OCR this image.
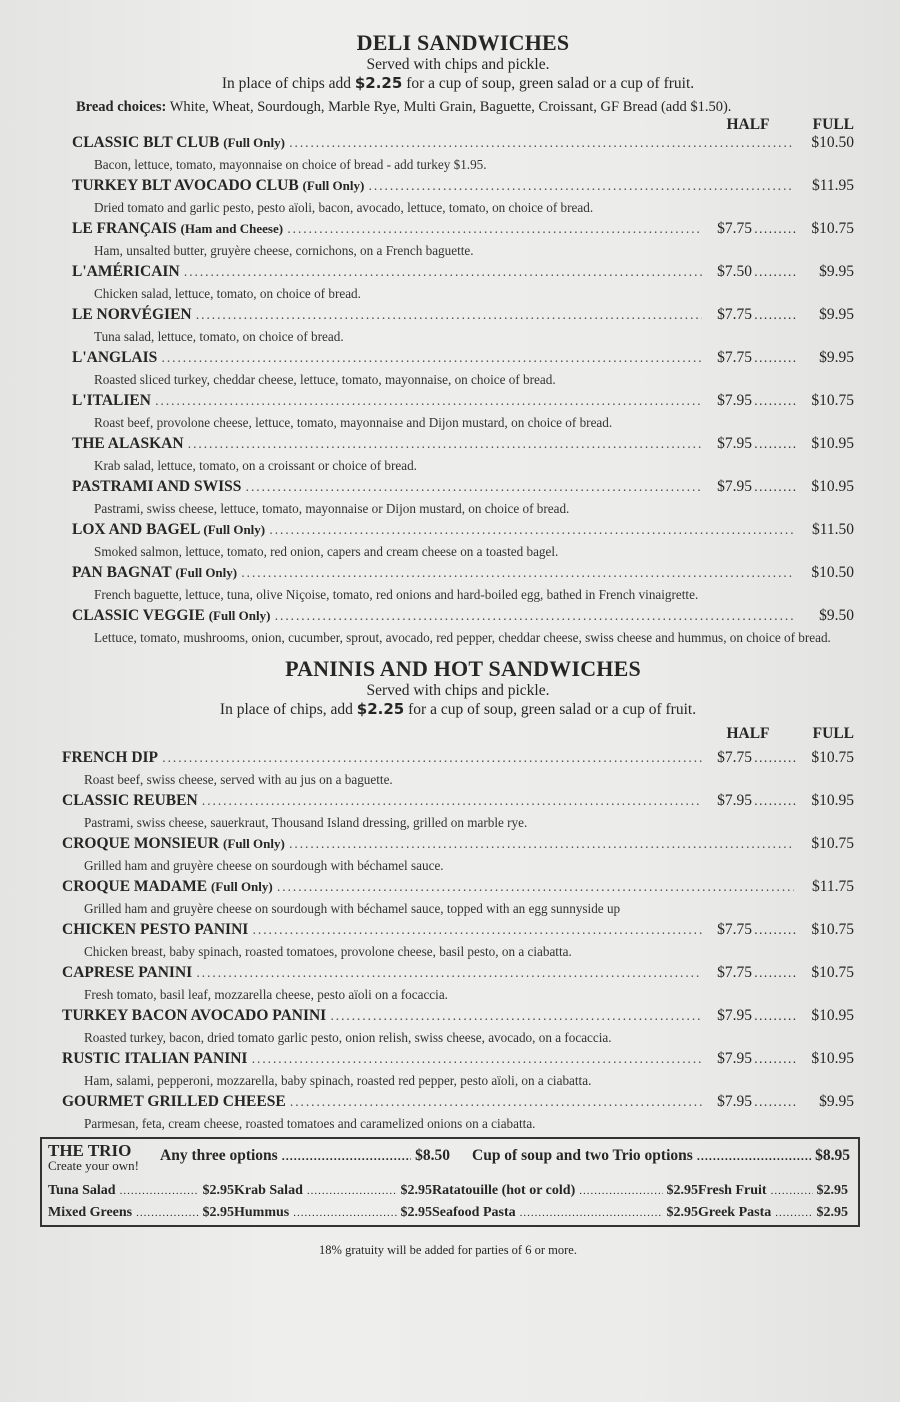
DELI SANDWICHES
Served with chips and pickle.
In place of chips add $2.25 for a cup of soup, green salad or a cup of fruit.
Bread choices: White, Wheat, Sourdough, Marble Rye, Multi Grain, Baguette, Croissant, GF Bread (add $1.50).
HALF	FULL
CLASSIC BLT CLUB (Full Only) .....	$10.50
Bacon, lettuce, tomato, mayonnaise on choice of bread - add turkey $1.95.
TURKEY BLT AVOCADO CLUB (Full Only) .....	$11.95
Dried tomato and garlic pesto, pesto aïoli, bacon, avocado, lettuce, tomato, on choice of bread.
LE FRANÇAIS (Ham and Cheese) .....	$7.75 .....	$10.75
Ham, unsalted butter, gruyère cheese, cornichons, on a French baguette.
L'AMÉRICAIN .....	$7.50 .....	$9.95
Chicken salad, lettuce, tomato, on choice of bread.
LE NORVÉGIEN .....	$7.75 .....	$9.95
Tuna salad, lettuce, tomato, on choice of bread.
L'ANGLAIS .....	$7.75 .....	$9.95
Roasted sliced turkey, cheddar cheese, lettuce, tomato, mayonnaise, on choice of bread.
L'ITALIEN .....	$7.95 .....	$10.75
Roast beef, provolone cheese, lettuce, tomato, mayonnaise and Dijon mustard, on choice of bread.
THE ALASKAN .....	$7.95 .....	$10.95
Krab salad, lettuce, tomato, on a croissant or choice of bread.
PASTRAMI AND SWISS .....	$7.95 .....	$10.95
Pastrami, swiss cheese, lettuce, tomato, mayonnaise or Dijon mustard, on choice of bread.
LOX AND BAGEL (Full Only) .....	$11.50
Smoked salmon, lettuce, tomato, red onion, capers and cream cheese on a toasted bagel.
PAN BAGNAT (Full Only) .....	$10.50
French baguette, lettuce, tuna, olive Niçoise, tomato, red onions and hard-boiled egg, bathed in French vinaigrette.
CLASSIC VEGGIE (Full Only) .....	$9.50
Lettuce, tomato, mushrooms, onion, cucumber, sprout, avocado, red pepper, cheddar cheese, swiss cheese and hummus, on choice of bread.
PANINIS AND HOT SANDWICHES
Served with chips and pickle.
In place of chips, add $2.25 for a cup of soup, green salad or a cup of fruit.
HALF	FULL
FRENCH DIP .....	$7.75 .....	$10.75
Roast beef, swiss cheese, served with au jus on a baguette.
CLASSIC REUBEN .....	$7.95 .....	$10.95
Pastrami, swiss cheese, sauerkraut, Thousand Island dressing, grilled on marble rye.
CROQUE MONSIEUR (Full Only) .....	$10.75
Grilled ham and gruyère cheese on sourdough with béchamel sauce.
CROQUE MADAME (Full Only) .....	$11.75
Grilled ham and gruyère cheese on sourdough with béchamel sauce, topped with an egg sunnyside up
CHICKEN PESTO PANINI .....	$7.75 .....	$10.75
Chicken breast, baby spinach, roasted tomatoes, provolone cheese, basil pesto, on a ciabatta.
CAPRESE PANINI .....	$7.75 .....	$10.75
Fresh tomato, basil leaf, mozzarella cheese, pesto aïoli on a focaccia.
TURKEY BACON AVOCADO PANINI .....	$7.95 .....	$10.95
Roasted turkey, bacon, dried tomato garlic pesto, onion relish, swiss cheese, avocado, on a focaccia.
RUSTIC ITALIAN PANINI .....	$7.95 .....	$10.95
Ham, salami, pepperoni, mozzarella, baby spinach, roasted red pepper, pesto aïoli, on a ciabatta.
GOURMET GRILLED CHEESE .....	$7.95 .....	$9.95
Parmesan, feta, cream cheese, roasted tomatoes and caramelized onions on a ciabatta.
THE TRIO
Create your own!
Any three options .....	$8.50 Cup of soup and two Trio options .....	$8.95
Tuna Salad .....	$2.95 Krab Salad .....	$2.95 Ratatouille (hot or cold) .....	$2.95 Fresh Fruit .....	$2.95
Mixed Greens .....	$2.95 Hummus .....	$2.95 Seafood Pasta .....	$2.95 Greek Pasta .....	$2.95
18% gratuity will be added for parties of 6 or more.
